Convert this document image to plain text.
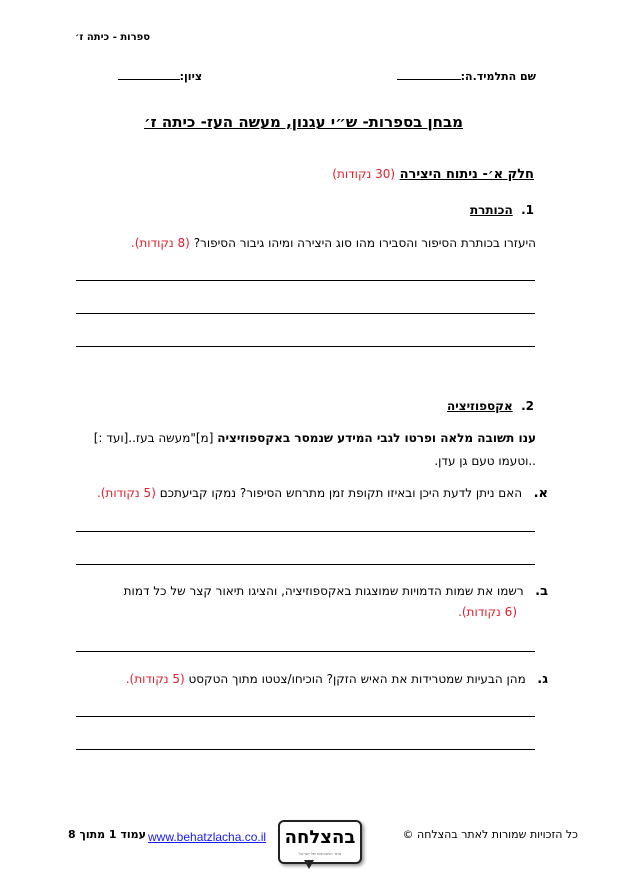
ספרות - כיתה ז׳
שם התלמיד.ה:
ציון:
מבחן בספרות- ש״י עגנון, מעשה העז- כיתה ז׳
חלק א׳- ניתוח היצירה (30 נקודות)
1.  הכותרת
היעזרו בכותרת הסיפור והסבירו מהו סוג היצירה ומיהו גיבור הסיפור? (8 נקודות).
2.  אקספוזיציה
ענו תשובה מלאה ופרטו לגבי המידע שנמסר באקספוזיציה [מ]"מעשה בעז..[ועד :]
..וטעמו טעם גן עדן.
א.   האם ניתן לדעת היכן ובאיזו תקופת זמן מתרחש הסיפור? נמקו קביעתכם (5 נקודות).
ב.   רשמו את שמות הדמויות שמוצגות באקספוזיציה, והציגו תיאור קצר של כל דמות
(6 נקודות).
ג.   מהן הבעיות שמטרידות את האיש הזקן? הוכיחו/צטטו מתוך הטקסט (5 נקודות).
כל הזכויות שמורות לאתר בהצלחה ©
בהצלחה
אתר המבחנים של ישראל
www.behatzlacha.co.il
עמוד 1 מתוך 8
